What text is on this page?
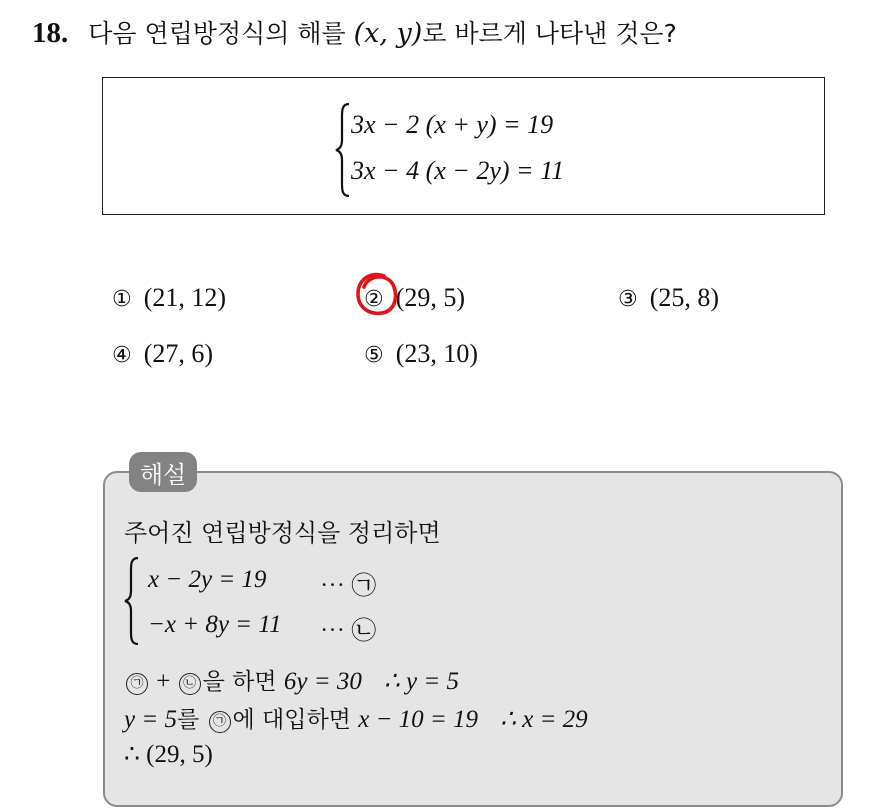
18. 다음 연립방정식의 해를 (x, y)로 바르게 나타낸 것은?
3x − 2 (x + y) = 19
3x − 4 (x − 2y) = 11
① (21, 12)	② (29, 5)	③ (25, 8)
④ (27, 6)	⑤ (23, 10)
해설
주어진 연립방정식을 정리하면
x − 2y = 19 ⋯ ㉠
−x + 8y = 11 ⋯ ㉡
㉠ + ㉡ 을 하면 6y = 30 ∴ y = 5
y = 5를 ㉠ 에 대입하면 x − 10 = 19 ∴ x = 29
∴ (29, 5)
